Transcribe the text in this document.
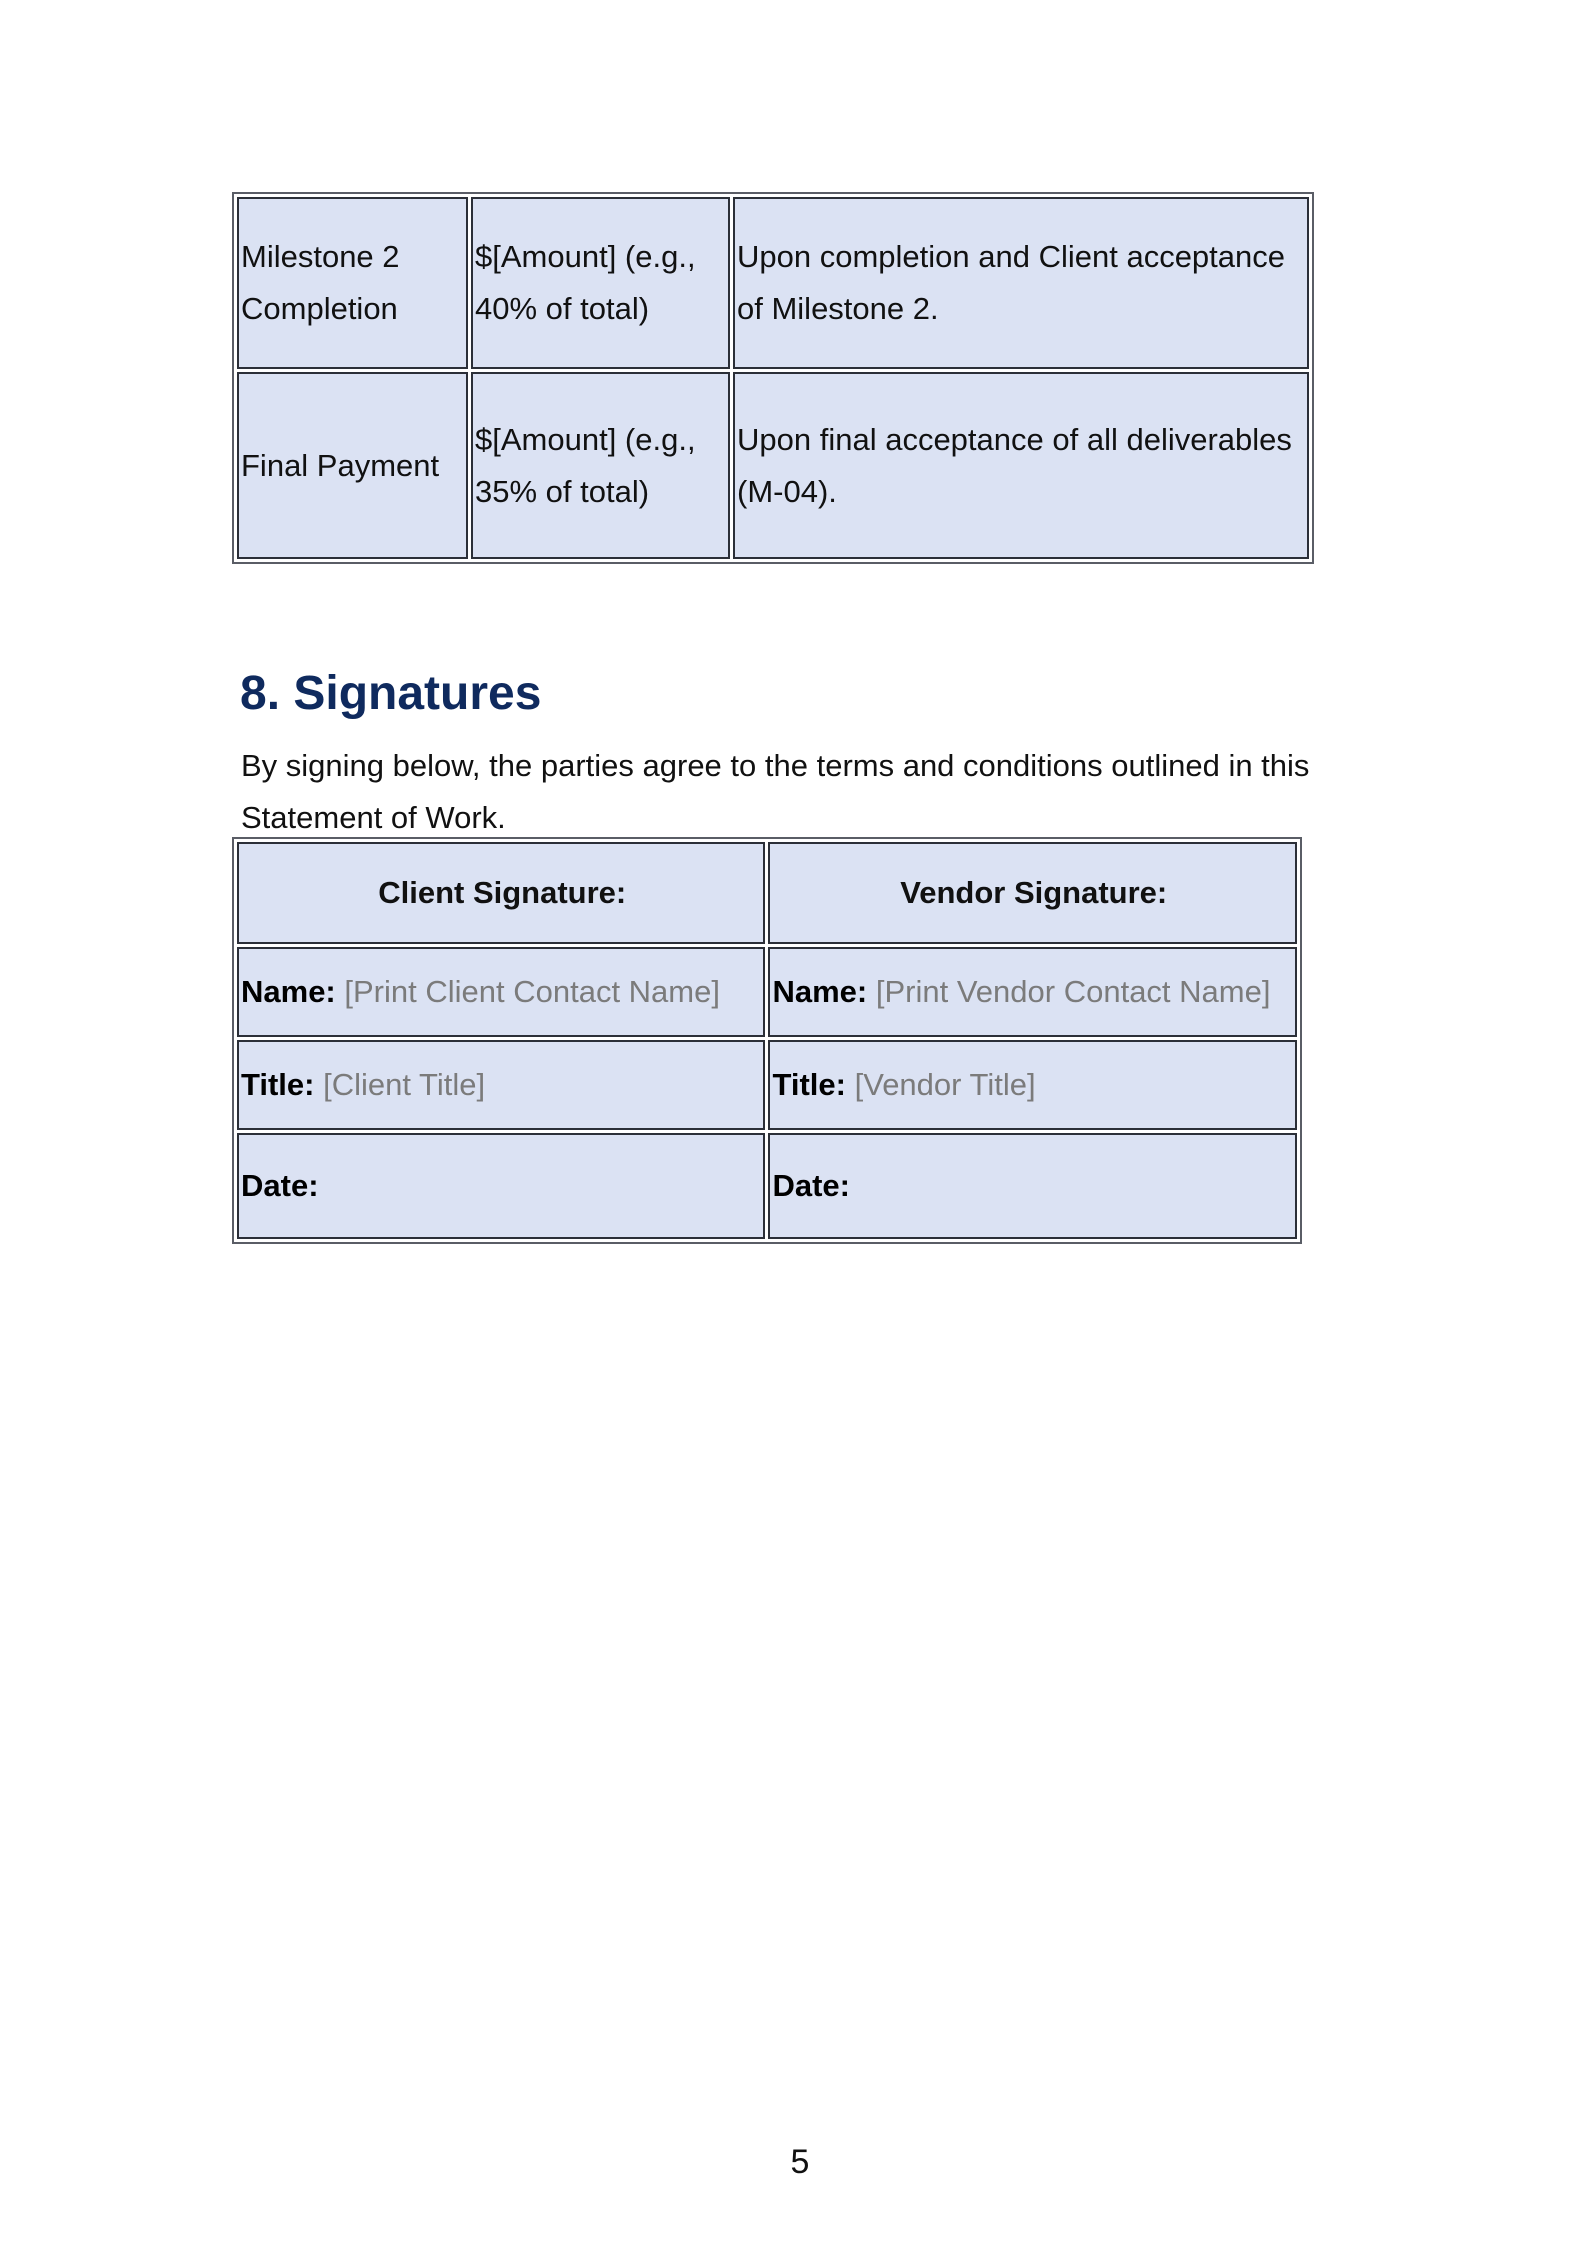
Milestone 2 Completion	$[Amount] (e.g., 40% of total)	Upon completion and Client acceptance of Milestone 2.
Final Payment	$[Amount] (e.g., 35% of total)	Upon final acceptance of all deliverables (M-04).
8. Signatures

By signing below, the parties agree to the terms and conditions outlined in this Statement of Work.

Client Signature:	Vendor Signature:
Name: [Print Client Contact Name]	Name: [Print Vendor Contact Name]
Title: [Client Title]	Title: [Vendor Title]
Date:	Date:
5
